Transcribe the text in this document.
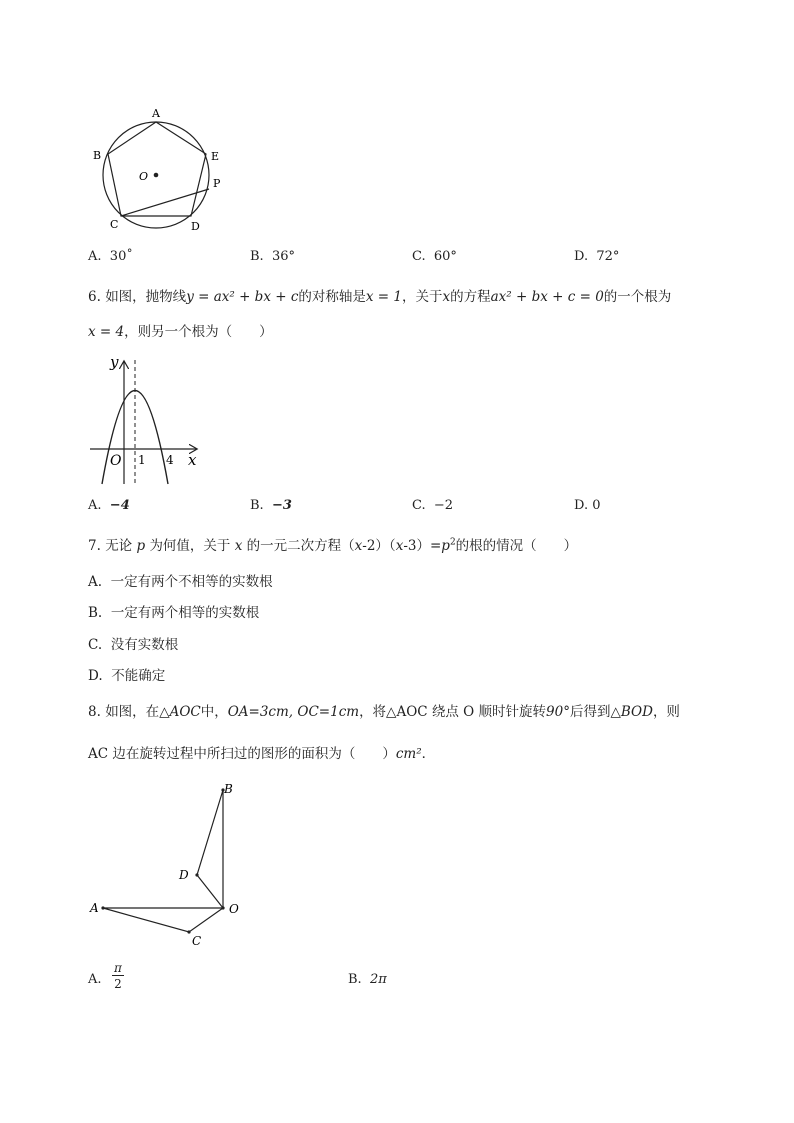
A
B
C	D
E
O
P
A. 30˚	B. 36°	C. 60°	D. 72°
6. 如图，抛物线y = ax² + bx + c的对称轴是x = 1，关于x的方程ax² + bx + c = 0的一个根为
x = 4，则另一个根为（　　）
y
x
O 1 4
A. −4	B. −3	C. −2	D. 0
7. 无论 p 为何值，关于 x 的一元二次方程$(x-2)(x-3)=p^2$的根的情况（　　）
A. 一定有两个不相等的实数根
B. 一定有两个相等的实数根
C. 没有实数根
D. 不能确定
8. 如图，在△AOC中，OA=3cm, OC=1cm，将△AOC 绕点 O 顺时针旋转90°后得到△BOD，则
AC 边在旋转过程中所扫过的图形的面积为（　　）cm²．
A	O
C
B
D
A.
π
2	B. 2π
